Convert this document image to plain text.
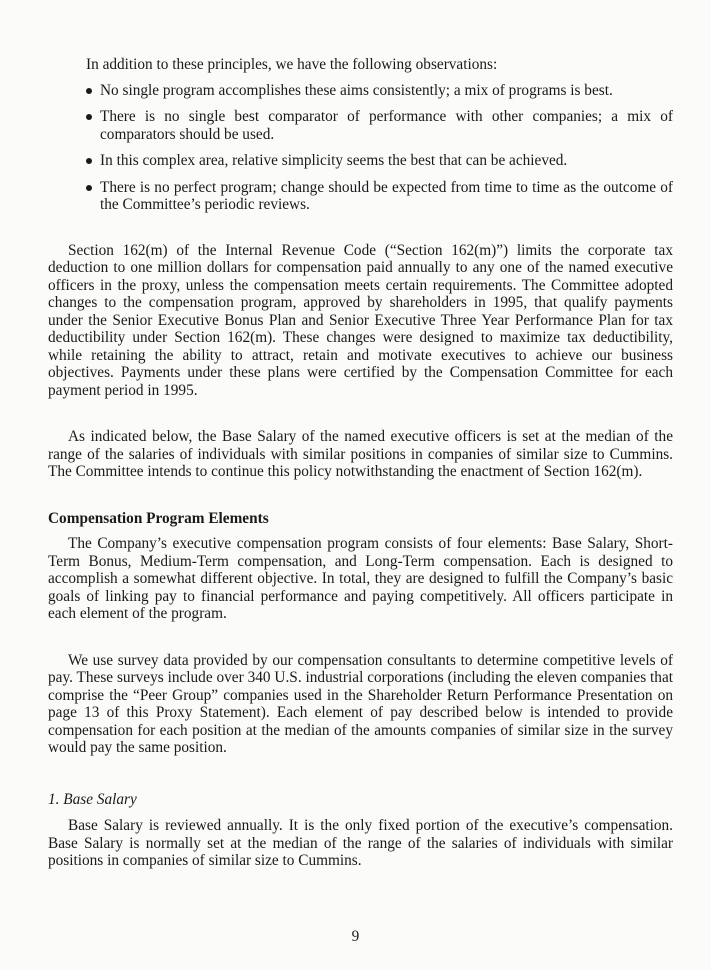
In addition to these principles, we have the following observations:

No single program accomplishes these aims consistently; a mix of programs is best.
There is no single best comparator of performance with other companies; a mix of comparators should be used.
In this complex area, relative simplicity seems the best that can be achieved.
There is no perfect program; change should be expected from time to time as the outcome of the Committee’s periodic reviews.

Section 162(m) of the Internal Revenue Code (“Section 162(m)”) limits the corporate tax deduction to one million dollars for compensation paid annually to any one of the named executive officers in the proxy, unless the compensation meets certain requirements. The Committee adopted changes to the compensation program, approved by shareholders in 1995, that qualify payments under the Senior Executive Bonus Plan and Senior Executive Three Year Performance Plan for tax deductibility under Section 162(m). These changes were designed to maximize tax deductibility, while retaining the ability to attract, retain and motivate executives to achieve our business objectives. Payments under these plans were certified by the Compensation Committee for each payment period in 1995.

As indicated below, the Base Salary of the named executive officers is set at the median of the range of the salaries of individuals with similar positions in companies of similar size to Cummins. The Committee intends to continue this policy notwithstanding the enactment of Section 162(m).

Compensation Program Elements

The Company’s executive compensation program consists of four elements: Base Salary, Short-Term Bonus, Medium-Term compensation, and Long-Term compensation. Each is designed to accomplish a somewhat different objective. In total, they are designed to fulfill the Company’s basic goals of linking pay to financial performance and paying competitively. All officers participate in each element of the program.

We use survey data provided by our compensation consultants to determine competitive levels of pay. These surveys include over 340 U.S. industrial corporations (including the eleven companies that comprise the “Peer Group” companies used in the Shareholder Return Performance Presentation on page 13 of this Proxy Statement). Each element of pay described below is intended to provide compensation for each position at the median of the amounts companies of similar size in the survey would pay the same position.

1. Base Salary

Base Salary is reviewed annually. It is the only fixed portion of the executive’s compensation. Base Salary is normally set at the median of the range of the salaries of individuals with similar positions in companies of similar size to Cummins.

9
